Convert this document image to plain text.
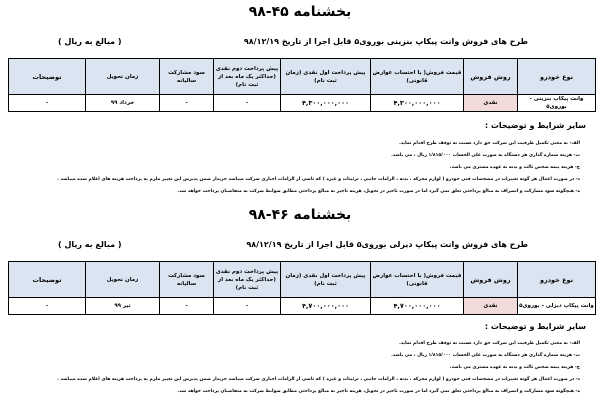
بخشنامه ۴۵-۹۸
طرح های فروش وانت پیکاپ بنزینی بوروی۵ قابل اجرا از تاریخ ۹۸/۱۲/۱۹
( مبالغ به ریال )
نوع خودرو	روش فروش	قیمت فروش( با احتساب عوارض قانونی)	پیش پرداخت اول نقدی (زمان ثبت نام)	پیش پرداخت دوم نقدی (حداکثر یک ماه بعد از ثبت نام)	سود مشارکت سالیانه	زمان تحویل	توضیحات
وانت پیکاپ بنزینی - بوروی۵	نقدی	۴,۳۰۰,۰۰۰,۰۰۰	۴,۳۰۰,۰۰۰,۰۰۰	-	-	خرداد ۹۹	-
سایر شرایط و توضیحات :
الف- به معنی تکمیل ظرفیت این شرکت حق دارد نسبت به توقف طرح اقدام نماید.
ب- هزینه شماره گذاری هر دستگاه به صورت علی الحساب ۱/۸۱۵/۰۰۰ ریال ، می باشد.
ج- هزینه بیمه شخص ثالث و بدنه به عهده مشتری می باشد.
د- در صورت اعمال هر گونه تغییرات در مشخصات فنی خودرو ( لوازم محرکه ، بدنه ، الزامات جانبی ، ترئینات و غیره ) که ناشی از الزامات اجباری شرکت میباشد خریدار ضمن پذیرش این تغییر ملزم به پرداخت هزینه های اعلام شده میباشد .
ه- هیچگونه سود مشارکت و انصراف به مبالغ پرداختی تعلق نمی گیرد اما در صورت تاخیر در تحویل، هزینه تاخیر به مبالغ پرداختی مطابق ضوابط شرکت به متقاضیان پرداخت خواهد شد.
بخشنامه ۴۶-۹۸
طرح های فروش وانت پیکاپ دیزلی بوروی۵ قابل اجرا از تاریخ ۹۸/۱۲/۱۹
( مبالغ به ریال )
نوع خودرو	روش فروش	قیمت فروش( با احتساب عوارض قانونی)	پیش پرداخت اول نقدی (زمان ثبت نام)	پیش پرداخت دوم نقدی (حداکثر یک ماه بعد از ثبت نام)	سود مشارکت سالیانه	زمان تحویل	توضیحات
وانت پیکاپ دیزلی - بوروی۵	نقدی	۴,۷۰۰,۰۰۰,۰۰۰	۴,۷۰۰,۰۰۰,۰۰۰	-	-	تیر ۹۹	-
سایر شرایط و توضیحات :
الف- به معنی تکمیل ظرفیت این شرکت حق دارد نسبت به توقف طرح اقدام نماید.
ب- هزینه شماره گذاری هر دستگاه به صورت علی الحساب ۱/۸۱۵/۰۰۰ ریال ، می باشد.
ج- هزینه بیمه شخص ثالث و بدنه به عهده مشتری می باشد.
د- در صورت اعمال هر گونه تغییرات در مشخصات فنی خودرو ( لوازم محرکه ، بدنه ، الزامات جانبی ، ترئینات و غیره ) که ناشی از الزامات اجباری شرکت میباشد خریدار ضمن پذیرش این تغییر ملزم به پرداخت هزینه های اعلام شده میباشد .
ه- هیچگونه سود مشارکت و انصراف به مبالغ پرداختی تعلق نمی گیرد اما در صورت تاخیر در تحویل، هزینه تاخیر به مبالغ پرداختی مطابق ضوابط شرکت به متقاضیان پرداخت خواهد شد.
